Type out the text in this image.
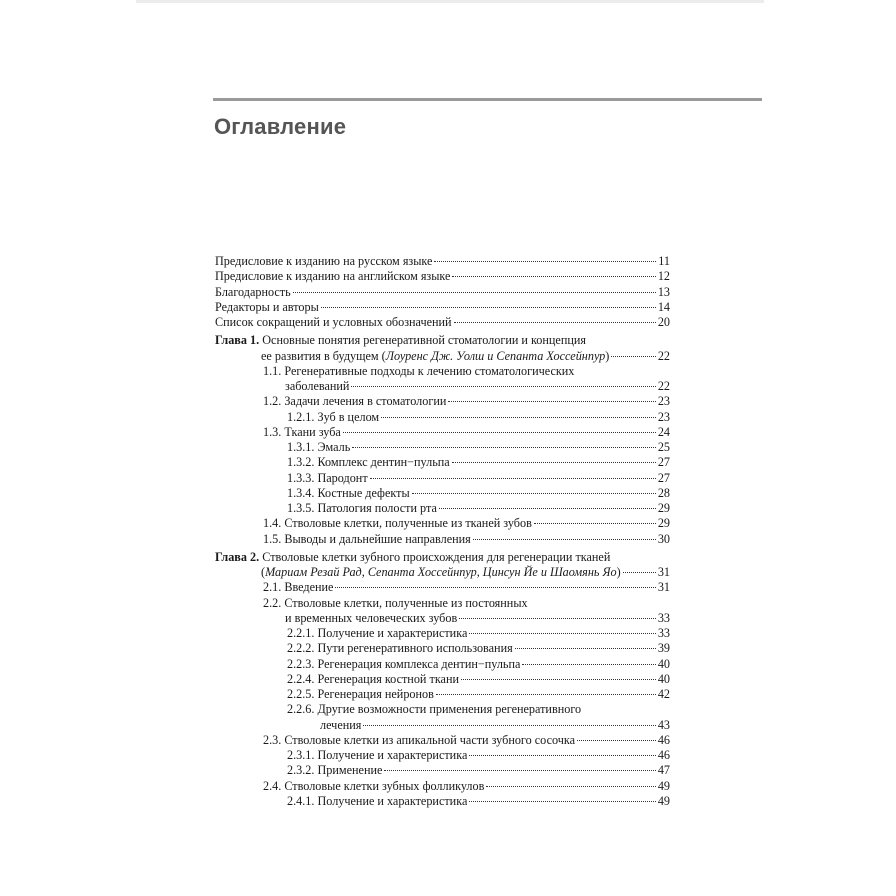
Оглавление
Предисловие к изданию на русском языке	11
Предисловие к изданию на английском языке	12
Благодарность	13
Редакторы и авторы	14
Список сокращений и условных обозначений	20
Глава 1. Основные понятия регенеративной стоматологии и концепция
ее развития в будущем (Лоуренс Дж. Уолш и Сепанта Хоссейнпур)	22
1.1. Регенеративные подходы к лечению стоматологических
заболеваний	22
1.2. Задачи лечения в стоматологии	23
1.2.1. Зуб в целом	23
1.3. Ткани зуба	24
1.3.1. Эмаль	25
1.3.2. Комплекс дентин−пульпа	27
1.3.3. Пародонт	27
1.3.4. Костные дефекты	28
1.3.5. Патология полости рта	29
1.4. Стволовые клетки, полученные из тканей зубов	29
1.5. Выводы и дальнейшие направления	30
Глава 2. Стволовые клетки зубного происхождения для регенерации тканей
(Мариам Резай Рад, Сепанта Хоссейнпур, Цинсун Йе и Шаомянь Яо)	31
2.1. Введение	31
2.2. Стволовые клетки, полученные из постоянных
и временных человеческих зубов	33
2.2.1. Получение и характеристика	33
2.2.2. Пути регенеративного использования	39
2.2.3. Регенерация комплекса дентин−пульпа	40
2.2.4. Регенерация костной ткани	40
2.2.5. Регенерация нейронов	42
2.2.6. Другие возможности применения регенеративного
лечения	43
2.3. Стволовые клетки из апикальной части зубного сосочка	46
2.3.1. Получение и характеристика	46
2.3.2. Применение	47
2.4. Стволовые клетки зубных фолликулов	49
2.4.1. Получение и характеристика	49
